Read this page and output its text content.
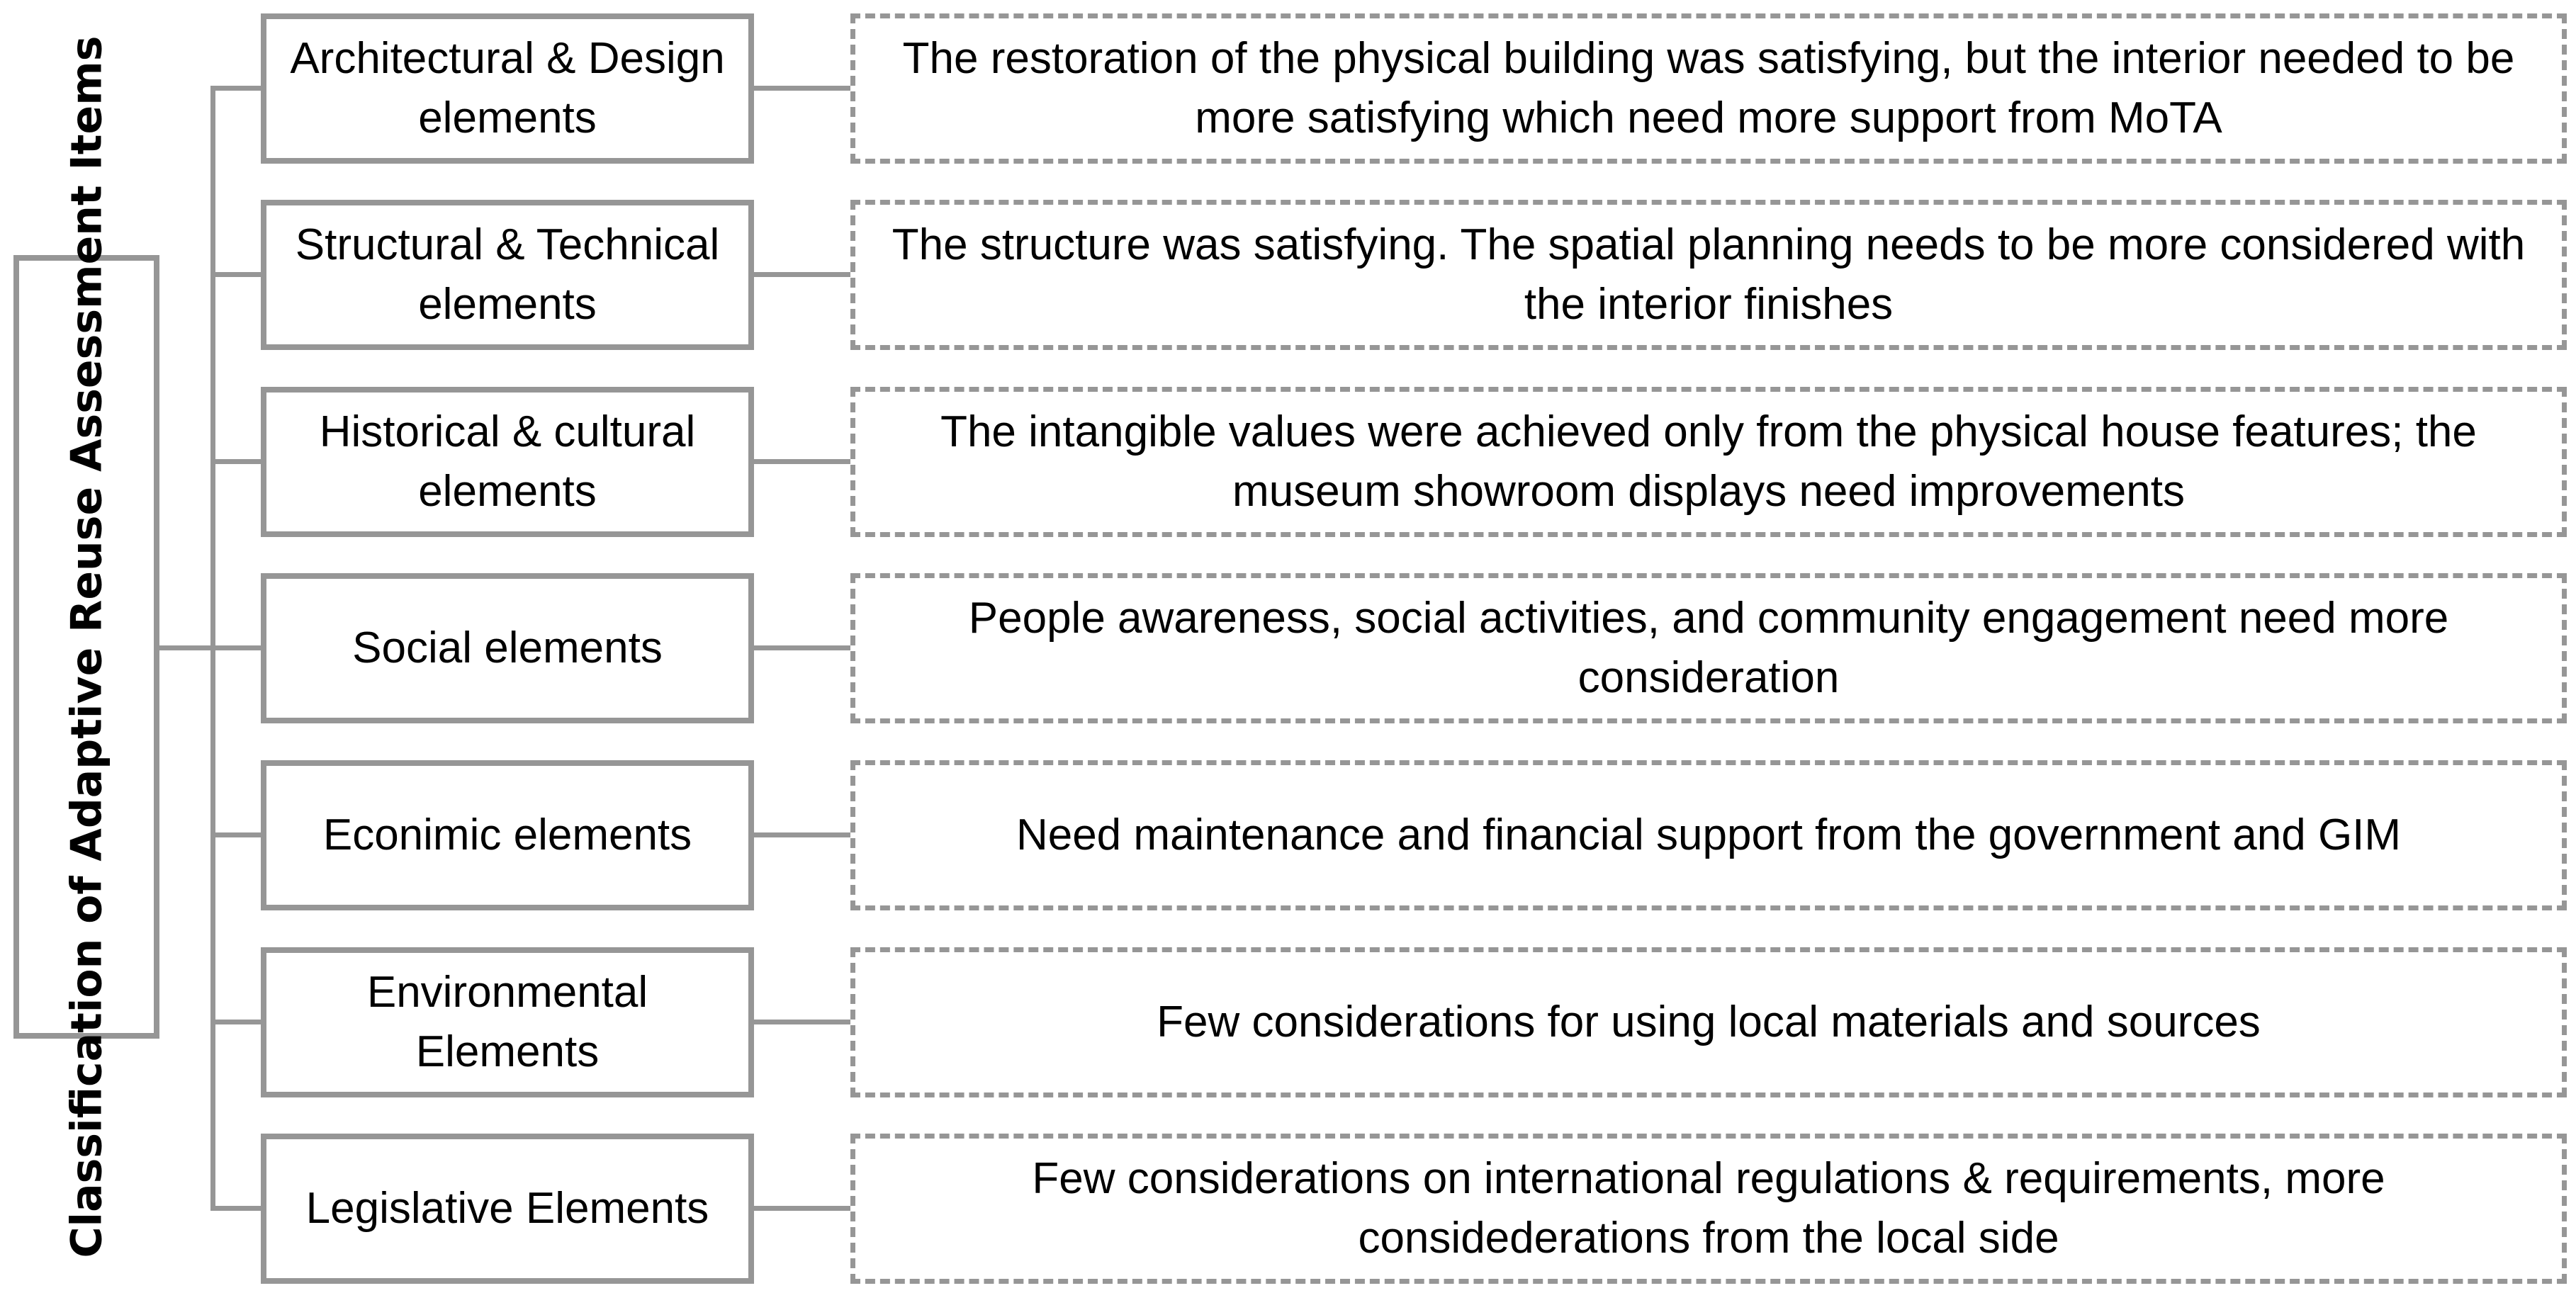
Classification of Adaptive Reuse Assessment Items	Architectural & Design elements
The restoration of the physical building was satisfying, but the interior needed to be more satisfying which need more support from MoTA
Structural & Technical elements
The structure was satisfying. The spatial planning needs to be more considered with the interior finishes
Historical & cultural elements
The intangible values were achieved only from the physical house features; the museum showroom displays need improvements
Social elements
People awareness, social activities, and community engagement need more consideration
Econimic elements	Need maintenance and financial support from the government and GIM
Environmental Elements
Few considerations for using local materials and sources
Legislative Elements
Few considerations on international regulations & requirements, more considederations from the local side
